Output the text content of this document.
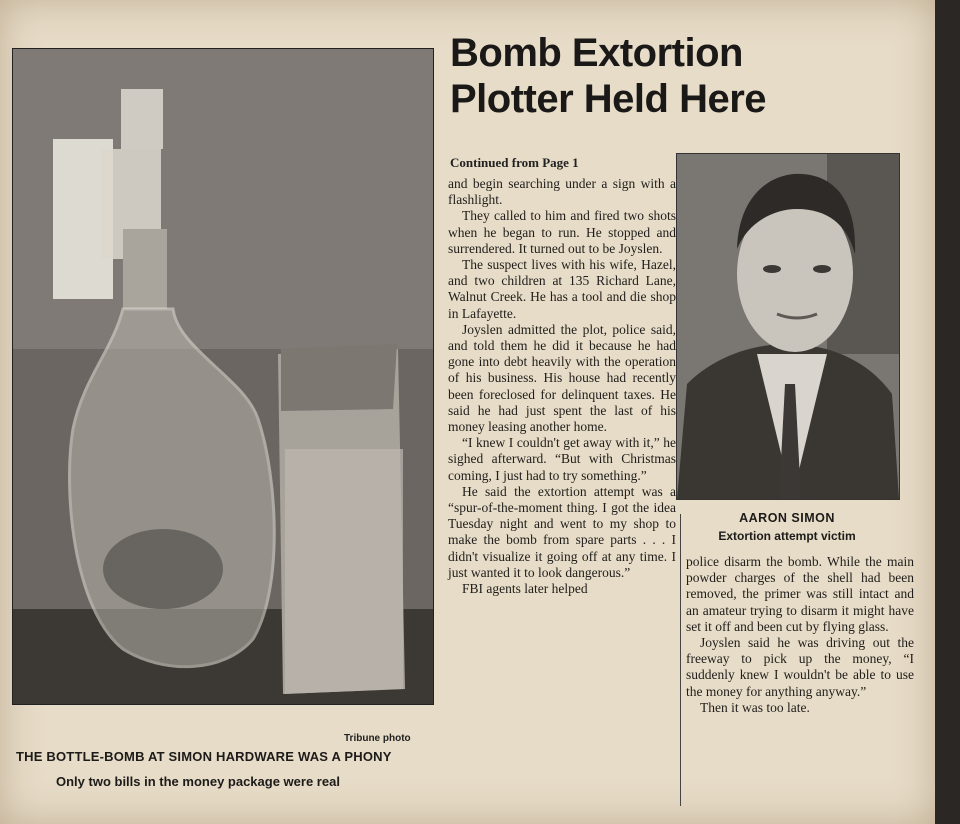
Tribune photo
THE BOTTLE-BOMB AT SIMON HARDWARE WAS A PHONY
Only two bills in the money package were real
Bomb Extortion
Plotter Held Here
Continued from Page 1

and begin searching under a sign with a flashlight.

They called to him and fired two shots when he began to run. He stopped and surrendered. It turned out to be Joyslen.

The suspect lives with his wife, Hazel, and two children at 135 Richard Lane, Walnut Creek. He has a tool and die shop in Lafayette.

Joyslen admitted the plot, police said, and told them he did it because he had gone into debt heavily with the operation of his business. His house had recently been foreclosed for delinquent taxes. He said he had just spent the last of his money leasing another home.

“I knew I couldn't get away with it,” he sighed afterward. “But with Christmas coming, I just had to try something.”

He said the extortion attempt was a “spur-of-the-moment thing. I got the idea Tuesday night and went to my shop to make the bomb from spare parts . . . I didn't visualize it going off at any time. I just wanted it to look dangerous.”

FBI agents later helped

AARON SIMON
Extortion attempt victim

police disarm the bomb. While the main powder charges of the shell had been removed, the primer was still intact and an amateur trying to disarm it might have set it off and been cut by flying glass.

Joyslen said he was driving out the freeway to pick up the money, “I suddenly knew I wouldn't be able to use the money for anything anyway.”

Then it was too late.
